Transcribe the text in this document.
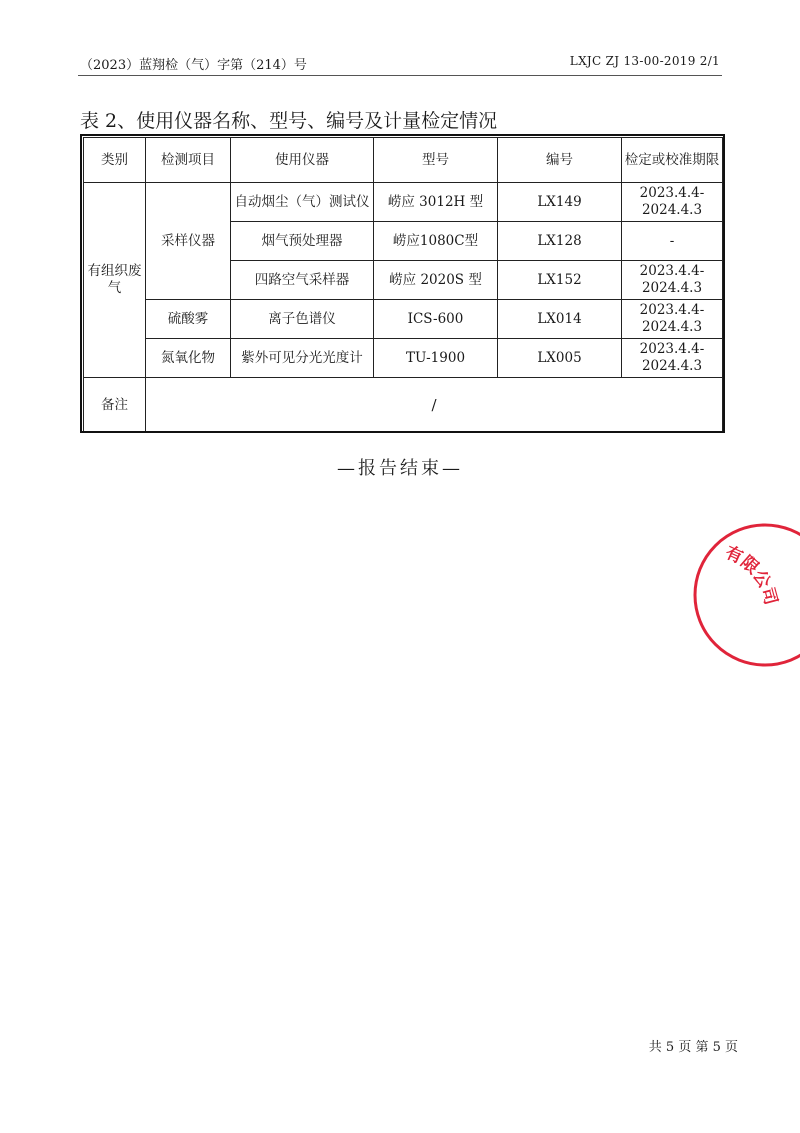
（2023）蓝翔检（气）字第（214）号	LXJC ZJ 13-00-2019 2/1
表 2、使用仪器名称、型号、编号及计量检定情况
类别	检测项目	使用仪器	型号	编号	检定或校准期限
有组织废气	采样仪器	自动烟尘（气）测试仪	崂应 3012H 型	LX149	2023.4.4-2024.4.3
		烟气预处理器	崂应1080C型	LX128	-
		四路空气采样器	崂应 2020S 型	LX152	2023.4.4-2024.4.3
	硫酸雾	离子色谱仪	ICS-600	LX014	2023.4.4-2024.4.3
	氮氧化物	紫外可见分光光度计	TU-1900	LX005	2023.4.4-2024.4.3
备注	/				
—报告结束—
有限公司
共 5 页 第 5 页
